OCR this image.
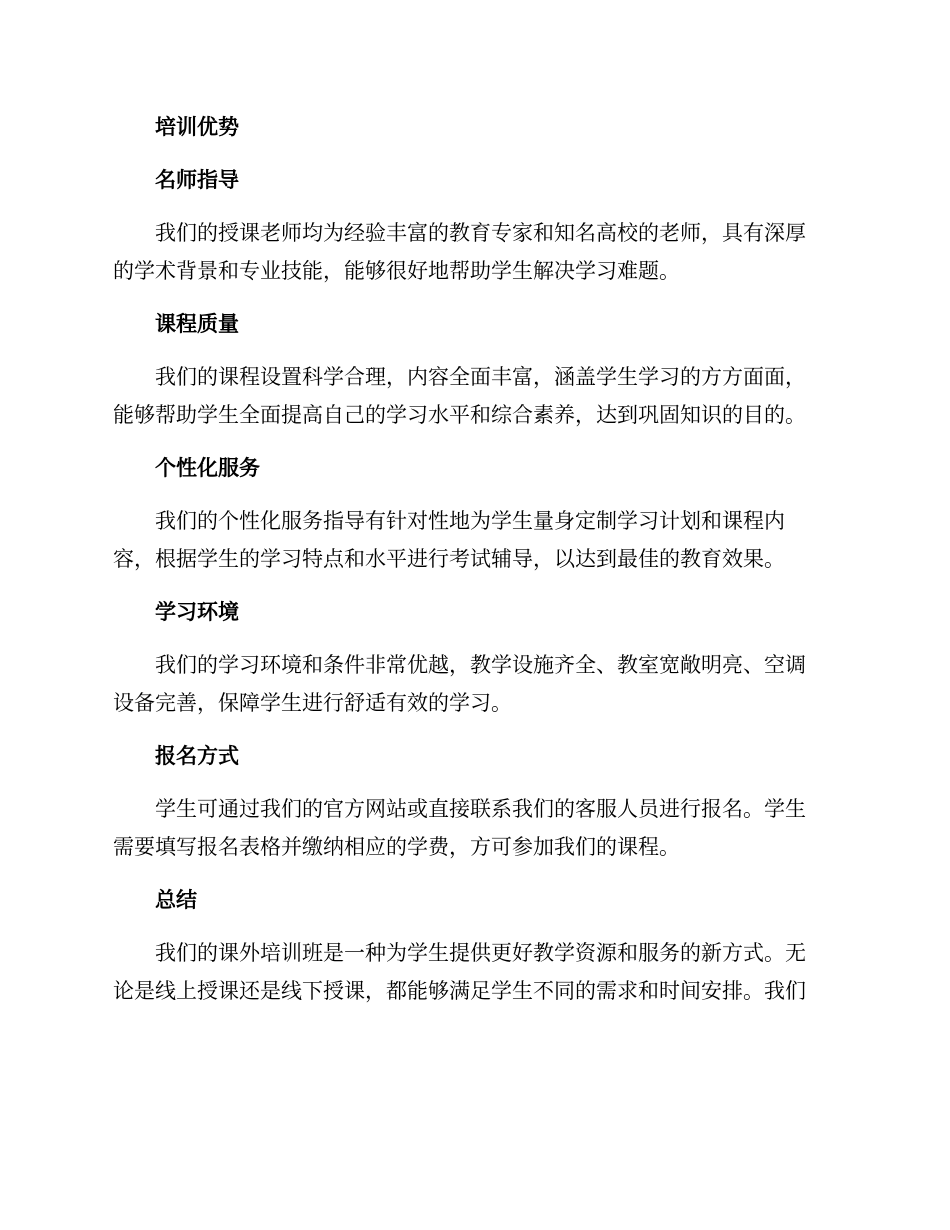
培训优势
名师指导
我们的授课老师均为经验丰富的教育专家和知名高校的老师，具有深厚
的学术背景和专业技能，能够很好地帮助学生解决学习难题。
课程质量
我们的课程设置科学合理，内容全面丰富，涵盖学生学习的方方面面，
能够帮助学生全面提高自己的学习水平和综合素养，达到巩固知识的目的。
个性化服务
我们的个性化服务指导有针对性地为学生量身定制学习计划和课程内
容，根据学生的学习特点和水平进行考试辅导，以达到最佳的教育效果。
学习环境
我们的学习环境和条件非常优越，教学设施齐全、教室宽敞明亮、空调
设备完善，保障学生进行舒适有效的学习。
报名方式
学生可通过我们的官方网站或直接联系我们的客服人员进行报名。学生
需要填写报名表格并缴纳相应的学费，方可参加我们的课程。
总结
我们的课外培训班是一种为学生提供更好教学资源和服务的新方式。无
论是线上授课还是线下授课，都能够满足学生不同的需求和时间安排。我们
